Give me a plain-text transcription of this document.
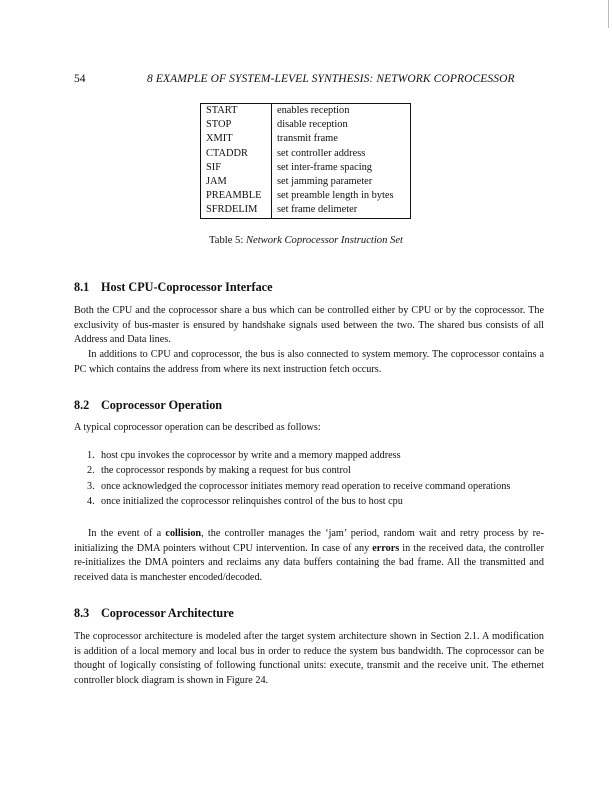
54	8 EXAMPLE OF SYSTEM-LEVEL SYNTHESIS: NETWORK COPROCESSOR
START	enables reception
STOP	disable reception
XMIT	transmit frame
CTADDR	set controller address
SIF	set inter-frame spacing
JAM	set jamming parameter
PREAMBLE	set preamble length in bytes
SFRDELIM	set frame delimeter
Table 5: Network Coprocessor Instruction Set
8.1 Host CPU-Coprocessor Interface

Both the CPU and the coprocessor share a bus which can be controlled either by CPU or by the coprocessor. The exclusivity of bus-master is ensured by handshake signals used between the two. The shared bus consists of all Address and Data lines.

In additions to CPU and coprocessor, the bus is also connected to system memory. The coprocessor contains a PC which contains the address from where its next instruction fetch occurs.

8.2 Coprocessor Operation

A typical coprocessor operation can be described as follows:

1. host cpu invokes the coprocessor by write and a memory mapped address
2. the coprocessor responds by making a request for bus control
3. once acknowledged the coprocessor initiates memory read operation to receive command operations
4. once initialized the coprocessor relinquishes control of the bus to host cpu

In the event of a collision, the controller manages the ‘jam’ period, random wait and retry process by re-initializing the DMA pointers without CPU intervention. In case of any errors in the received data, the controller re-initializes the DMA pointers and reclaims any data buffers containing the bad frame. All the transmitted and received data is manchester encoded/decoded.

8.3 Coprocessor Architecture

The coprocessor architecture is modeled after the target system architecture shown in Section 2.1. A modification is addition of a local memory and local bus in order to reduce the system bus bandwidth. The coprocessor can be thought of logically consisting of following functional units: execute, transmit and the receive unit. The ethernet controller block diagram is shown in Figure 24.
